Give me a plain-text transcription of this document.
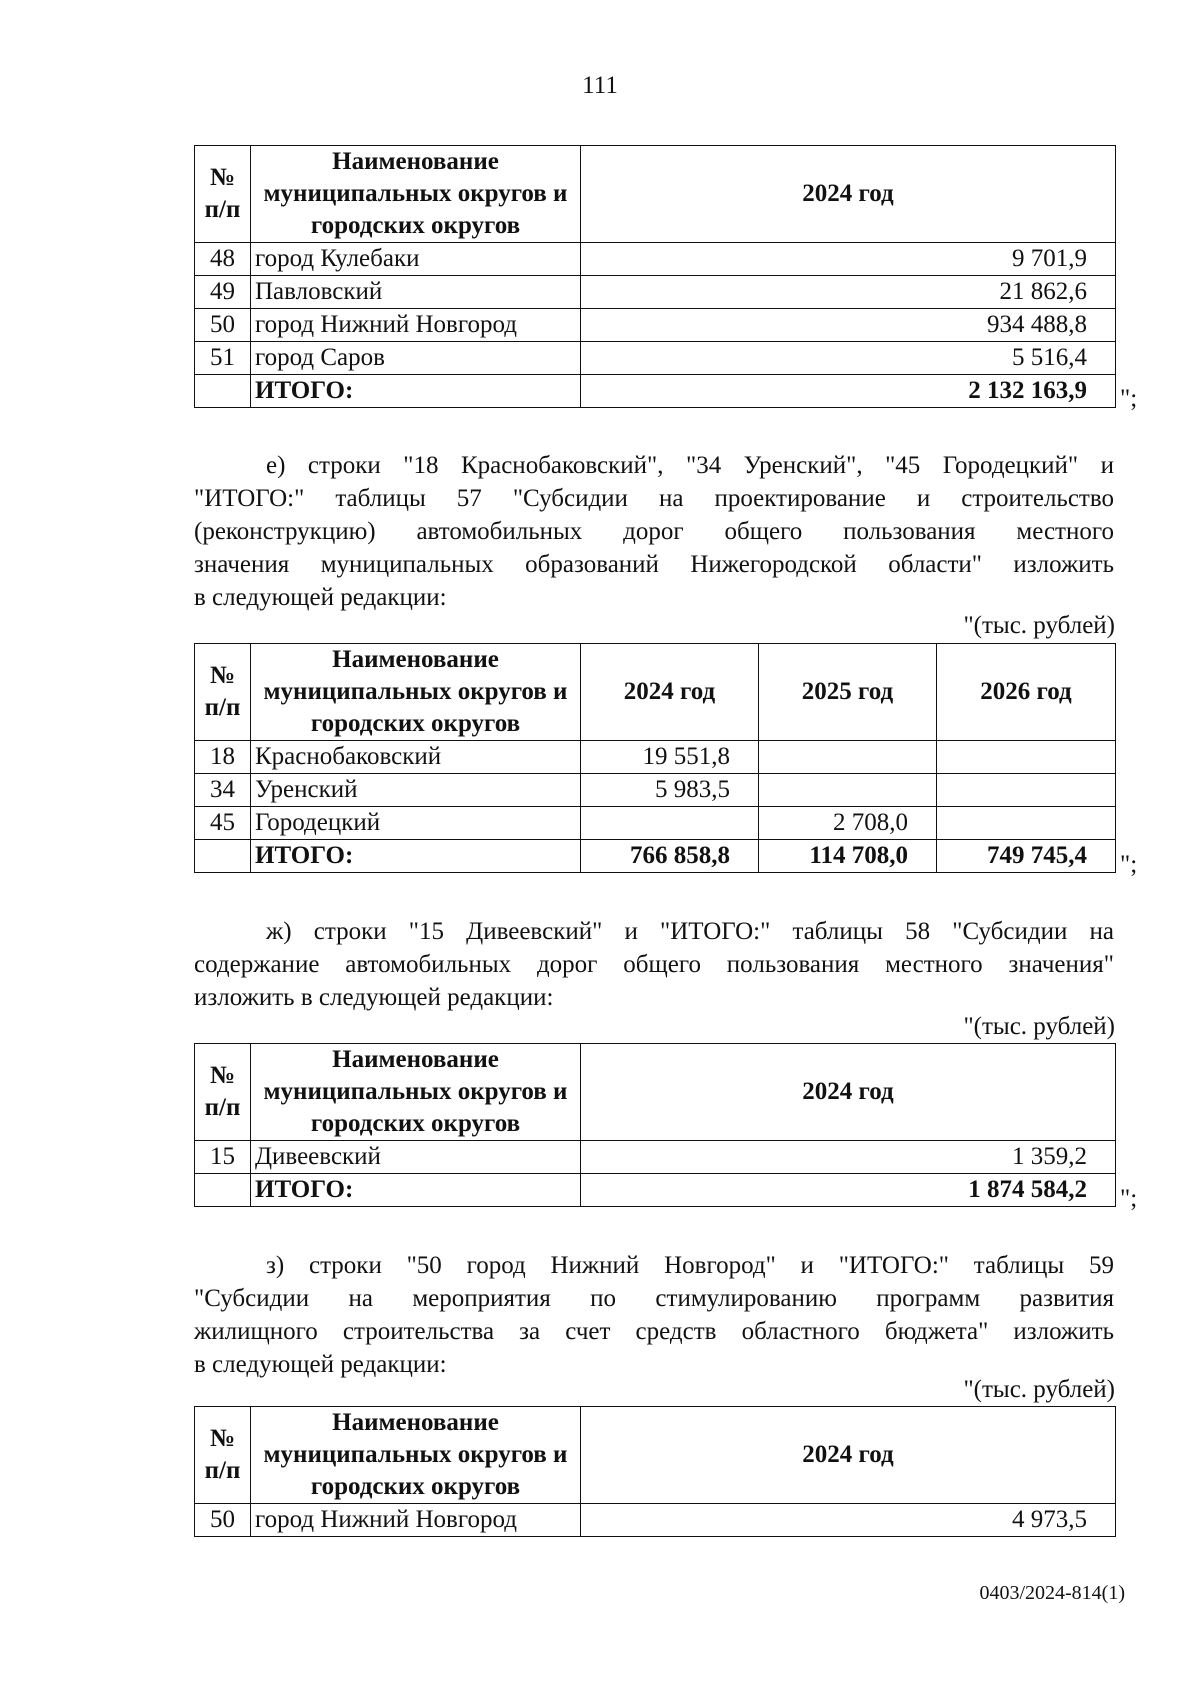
111
№ п/п	Наименование муниципальных округов и городских округов	2024 год
48	город Кулебаки	9 701,9
49	Павловский	21 862,6
50	город Нижний Новгород	934 488,8
51	город Саров	5 516,4
	ИТОГО:	2 132 163,9 ";
е) строки "18 Краснобаковский", "34 Уренский", "45 Городецкий" и
"ИТОГО:" таблицы 57 "Субсидии на проектирование и строительство
(реконструкцию) автомобильных дорог общего пользования местного
значения муниципальных образований Нижегородской области" изложить
в следующей редакции:
"(тыс. рублей)
№ п/п	Наименование муниципальных округов и городских округов	2024 год	2025 год	2026 год
18	Краснобаковский	19 551,8		
34	Уренский	5 983,5		
45	Городецкий		2 708,0	
	ИТОГО:	766 858,8	114 708,0	749 745,4 ";
ж) строки "15 Дивеевский" и "ИТОГО:" таблицы 58 "Субсидии на
содержание автомобильных дорог общего пользования местного значения"
изложить в следующей редакции:
"(тыс. рублей)
№ п/п	Наименование муниципальных округов и городских округов	2024 год
15	Дивеевский	1 359,2
	ИТОГО:	1 874 584,2 ";
з) строки "50 город Нижний Новгород" и "ИТОГО:" таблицы 59
"Субсидии на мероприятия по стимулированию программ развития
жилищного строительства за счет средств областного бюджета" изложить
в следующей редакции:
"(тыс. рублей)
№ п/п	Наименование муниципальных округов и городских округов	2024 год
50	город Нижний Новгород	4 973,5
0403/2024-814(1)
